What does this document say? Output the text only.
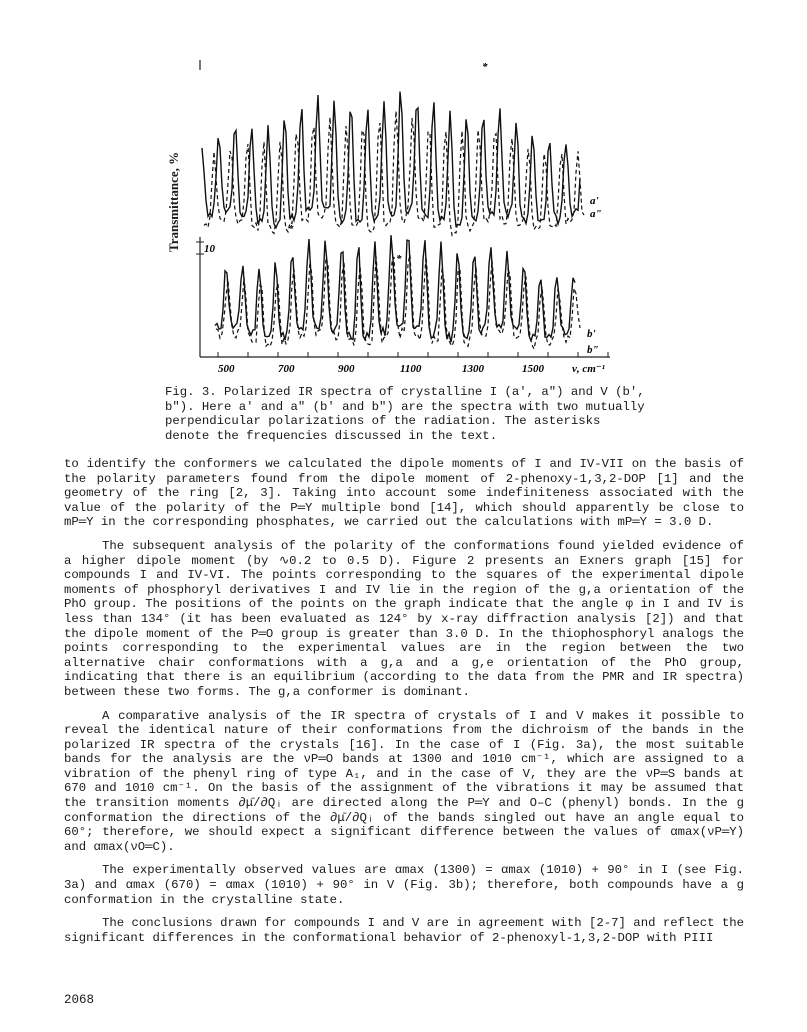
*
*
*
10
a'
a"
b'
b"
500	700	900	1100	1300	1500	ν, cm⁻¹
Transmittance, %
Fig. 3. Polarized IR spectra of crystalline I (a', a") and V (b', b"). Here a' and a" (b' and b") are the spectra with two mutually perpendicular polarizations of the radiation. The asterisks denote the frequencies discussed in the text.

to identify the conformers we calculated the dipole moments of I and IV-VII on the basis of the polarity parameters found from the dipole moment of 2-phenoxy-1,3,2-DOP [1] and the geometry of the ring [2, 3]. Taking into account some indefiniteness associated with the value of the polarity of the P═Y multiple bond [14], which should apparently be close to mP═Y in the corresponding phosphates, we carried out the calculations with mP═Y = 3.0 D.

The subsequent analysis of the polarity of the conformations found yielded evidence of a higher dipole moment (by ∿0.2 to 0.5 D). Figure 2 presents an Exners graph [15] for compounds I and IV-VI. The points corresponding to the squares of the experimental dipole moments of phosphoryl derivatives I and IV lie in the region of the g,a orientation of the PhO group. The positions of the points on the graph indicate that the angle φ in I and IV is less than 134° (it has been evaluated as 124° by x-ray diffraction analysis [2]) and that the dipole moment of the P═O group is greater than 3.0 D. In the thiophosphoryl analogs the points corresponding to the experimental values are in the region between the two alternative chair conformations with a g,a and a g,e orientation of the PhO group, indicating that there is an equilibrium (according to the data from the PMR and IR spectra) between these two forms. The g,a conformer is dominant.

A comparative analysis of the IR spectra of crystals of I and V makes it possible to reveal the identical nature of their conformations from the dichroism of the bands in the polarized IR spectra of the crystals [16]. In the case of I (Fig. 3a), the most suitable bands for the analysis are the νP═O bands at 1300 and 1010 cm⁻¹, which are assigned to a vibration of the phenyl ring of type A₁, and in the case of V, they are the νP═S bands at 670 and 1010 cm⁻¹. On the basis of the assignment of the vibrations it may be assumed that the transition moments ∂μ̄/∂Qᵢ are directed along the P═Y and O–C (phenyl) bonds. In the g conformation the directions of the ∂μ̄/∂Qᵢ of the bands singled out have an angle equal to 60°; therefore, we should expect a significant difference between the values of αmax(νP═Y) and αmax(νO═C).

The experimentally observed values are αmax (1300) = αmax (1010) + 90° in I (see Fig. 3a) and αmax (670) = αmax (1010) + 90° in V (Fig. 3b); therefore, both compounds have a g conformation in the crystalline state.

The conclusions drawn for compounds I and V are in agreement with [2-7] and reflect the significant differences in the conformational behavior of 2-phenoxyl-1,3,2-DOP with PIII

2068
